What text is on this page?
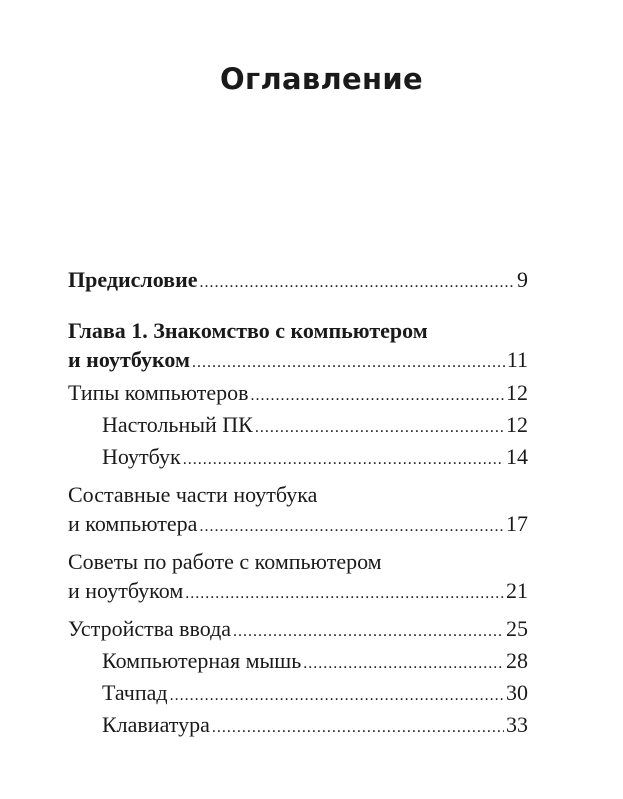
Оглавление
Предисловие .....	9
Глава 1. Знакомство с компьютером
и ноутбуком .....	11
Типы компьютеров .....	12
Настольный ПК .....	12
Ноутбук .....	14
Составные части ноутбука
и компьютера .....	17
Советы по работе с компьютером
и ноутбуком .....	21
Устройства ввода .....	25
Компьютерная мышь .....	28
Тачпад .....	30
Клавиатура .....	33
